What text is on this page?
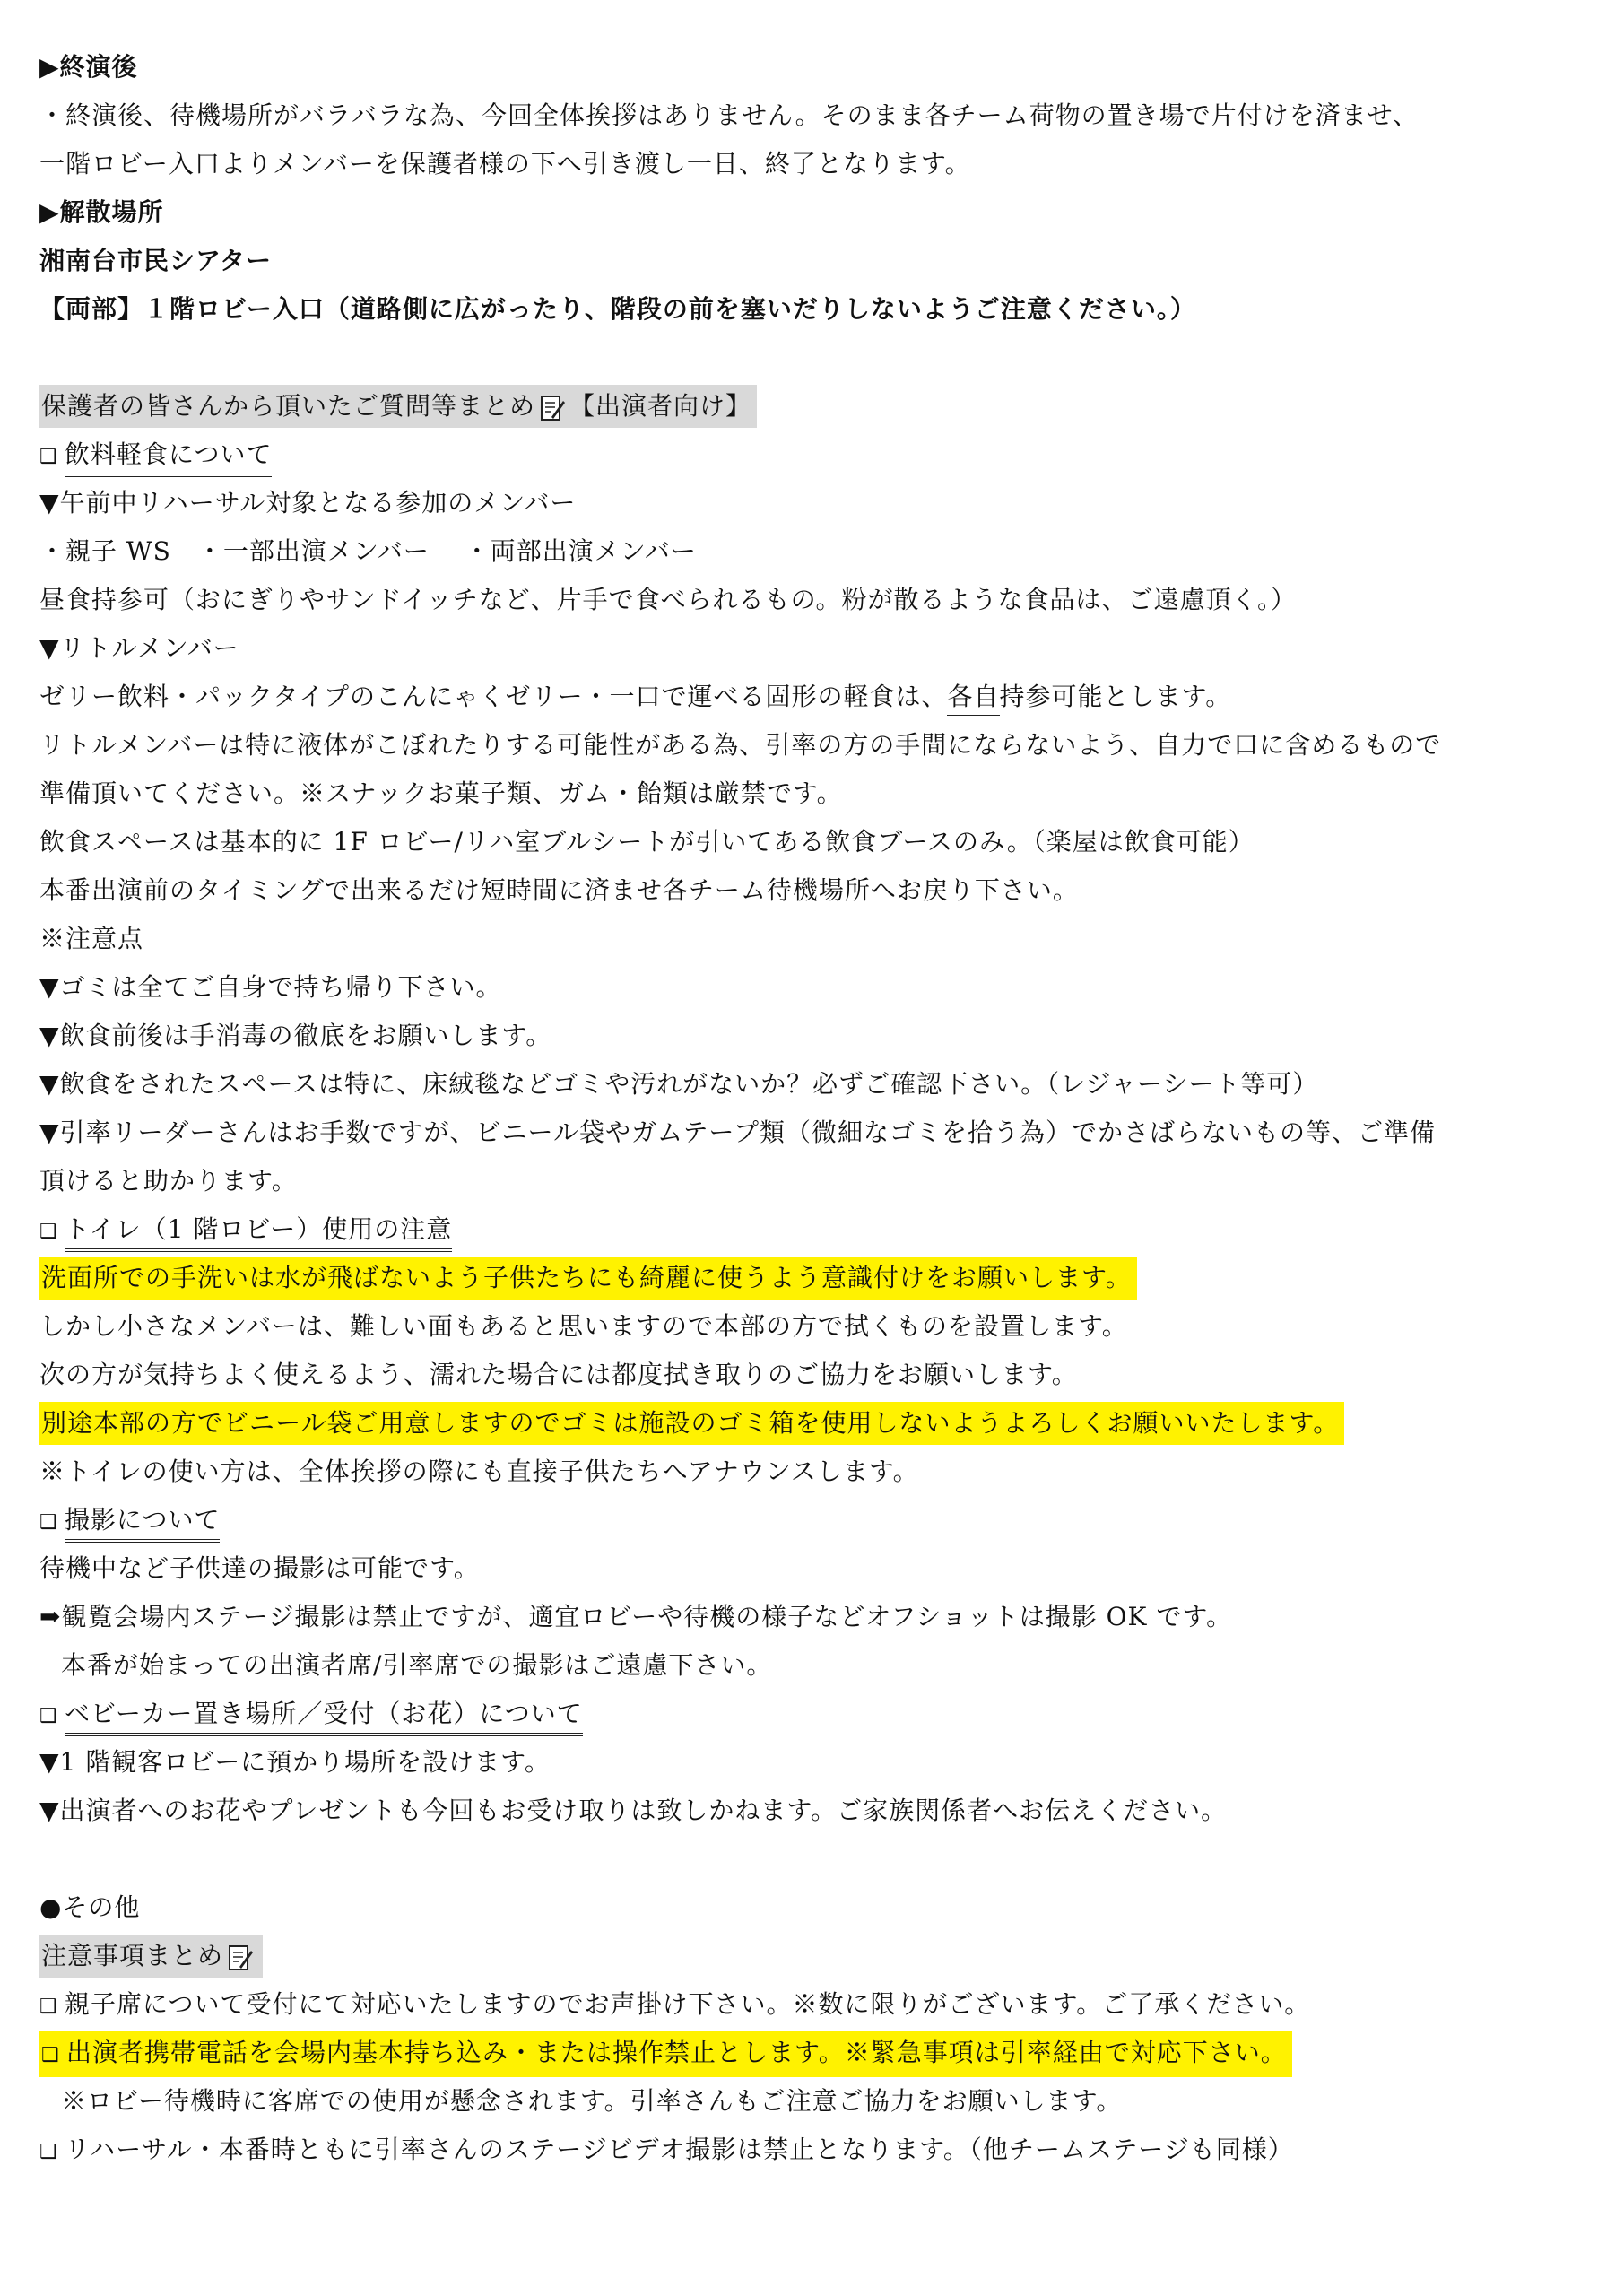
▶終演後
・終演後、待機場所がバラバラな為、今回全体挨拶はありません。そのまま各チーム荷物の置き場で片付けを済ませ、
一階ロビー入口よりメンバーを保護者様の下へ引き渡し一日、終了となります。
▶解散場所
湘南台市民シアター
【両部】１階ロビー入口（道路側に広がったり、階段の前を塞いだりしないようご注意ください。）
保護者の皆さんから頂いたご質問等まとめ 【出演者向け】
❑ 飲料軽食について
▼午前中リハーサル対象となる参加のメンバー
・親子 WS　・一部出演メンバー　 ・両部出演メンバー
昼食持参可（おにぎりやサンドイッチなど、片手で食べられるもの。粉が散るような食品は、ご遠慮頂く。）
▼リトルメンバー
ゼリー飲料・パックタイプのこんにゃくゼリー・一口で運べる固形の軽食は、各自持参可能とします。
リトルメンバーは特に液体がこぼれたりする可能性がある為、引率の方の手間にならないよう、自力で口に含めるもので
準備頂いてください。※スナックお菓子類、ガム・飴類は厳禁です。
飲食スペースは基本的に 1F ロビー/リハ室ブルシートが引いてある飲食ブースのみ。（楽屋は飲食可能）
本番出演前のタイミングで出来るだけ短時間に済ませ各チーム待機場所へお戻り下さい。
※注意点
▼ゴミは全てご自身で持ち帰り下さい。
▼飲食前後は手消毒の徹底をお願いします。
▼飲食をされたスペースは特に、床絨毯などゴミや汚れがないか？必ずご確認下さい。（レジャーシート等可）
▼引率リーダーさんはお手数ですが、ビニール袋やガムテープ類（微細なゴミを拾う為）でかさばらないもの等、ご準備
頂けると助かります。
❑ トイレ（1 階ロビー）使用の注意
洗面所での手洗いは水が飛ばないよう子供たちにも綺麗に使うよう意識付けをお願いします。
しかし小さなメンバーは、難しい面もあると思いますので本部の方で拭くものを設置します。
次の方が気持ちよく使えるよう、濡れた場合には都度拭き取りのご協力をお願いします。
別途本部の方でビニール袋ご用意しますのでゴミは施設のゴミ箱を使用しないようよろしくお願いいたします。
※トイレの使い方は、全体挨拶の際にも直接子供たちへアナウンスします。
❑ 撮影について
待機中など子供達の撮影は可能です。
➡観覧会場内ステージ撮影は禁止ですが、適宜ロビーや待機の様子などオフショットは撮影 OK です。
本番が始まっての出演者席/引率席での撮影はご遠慮下さい。
❑ ベビーカー置き場所／受付（お花）について
▼1 階観客ロビーに預かり場所を設けます。
▼出演者へのお花やプレゼントも今回もお受け取りは致しかねます。ご家族関係者へお伝えください。
●その他
注意事項まとめ
❑ 親子席について受付にて対応いたしますのでお声掛け下さい。※数に限りがございます。ご了承ください。
❑ 出演者携帯電話を会場内基本持ち込み・または操作禁止とします。※緊急事項は引率経由で対応下さい。
※ロビー待機時に客席での使用が懸念されます。引率さんもご注意ご協力をお願いします。
❑ リハーサル・本番時ともに引率さんのステージビデオ撮影は禁止となります。（他チームステージも同様）
